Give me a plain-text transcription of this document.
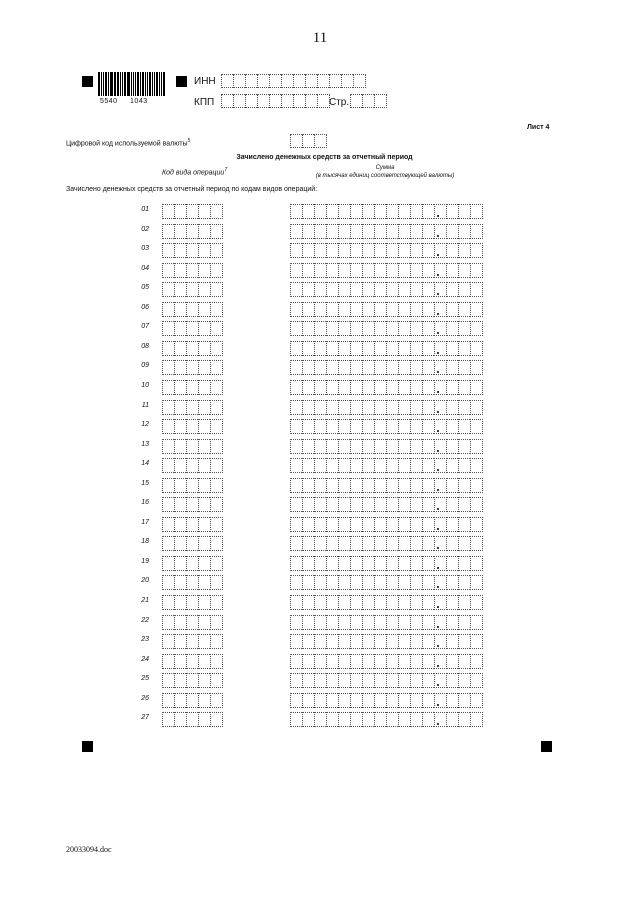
11
5540 1043
ИНН
КПП	Стр.
Лист 4
Цифровой код используемой валюты$^5$
Зачислено денежных средств за отчетный период
Код вида операции$^7$	Сумма
(в тысячах единиц соответствующей валюты)
Зачислено денежных средств за отчетный период по кодам видов операций:
01
02
03
04
05
06
07
08
09
10
11
12
13
14
15
16
17
18
19
20
21
22
23
24
25
26
27
20033094.doc
